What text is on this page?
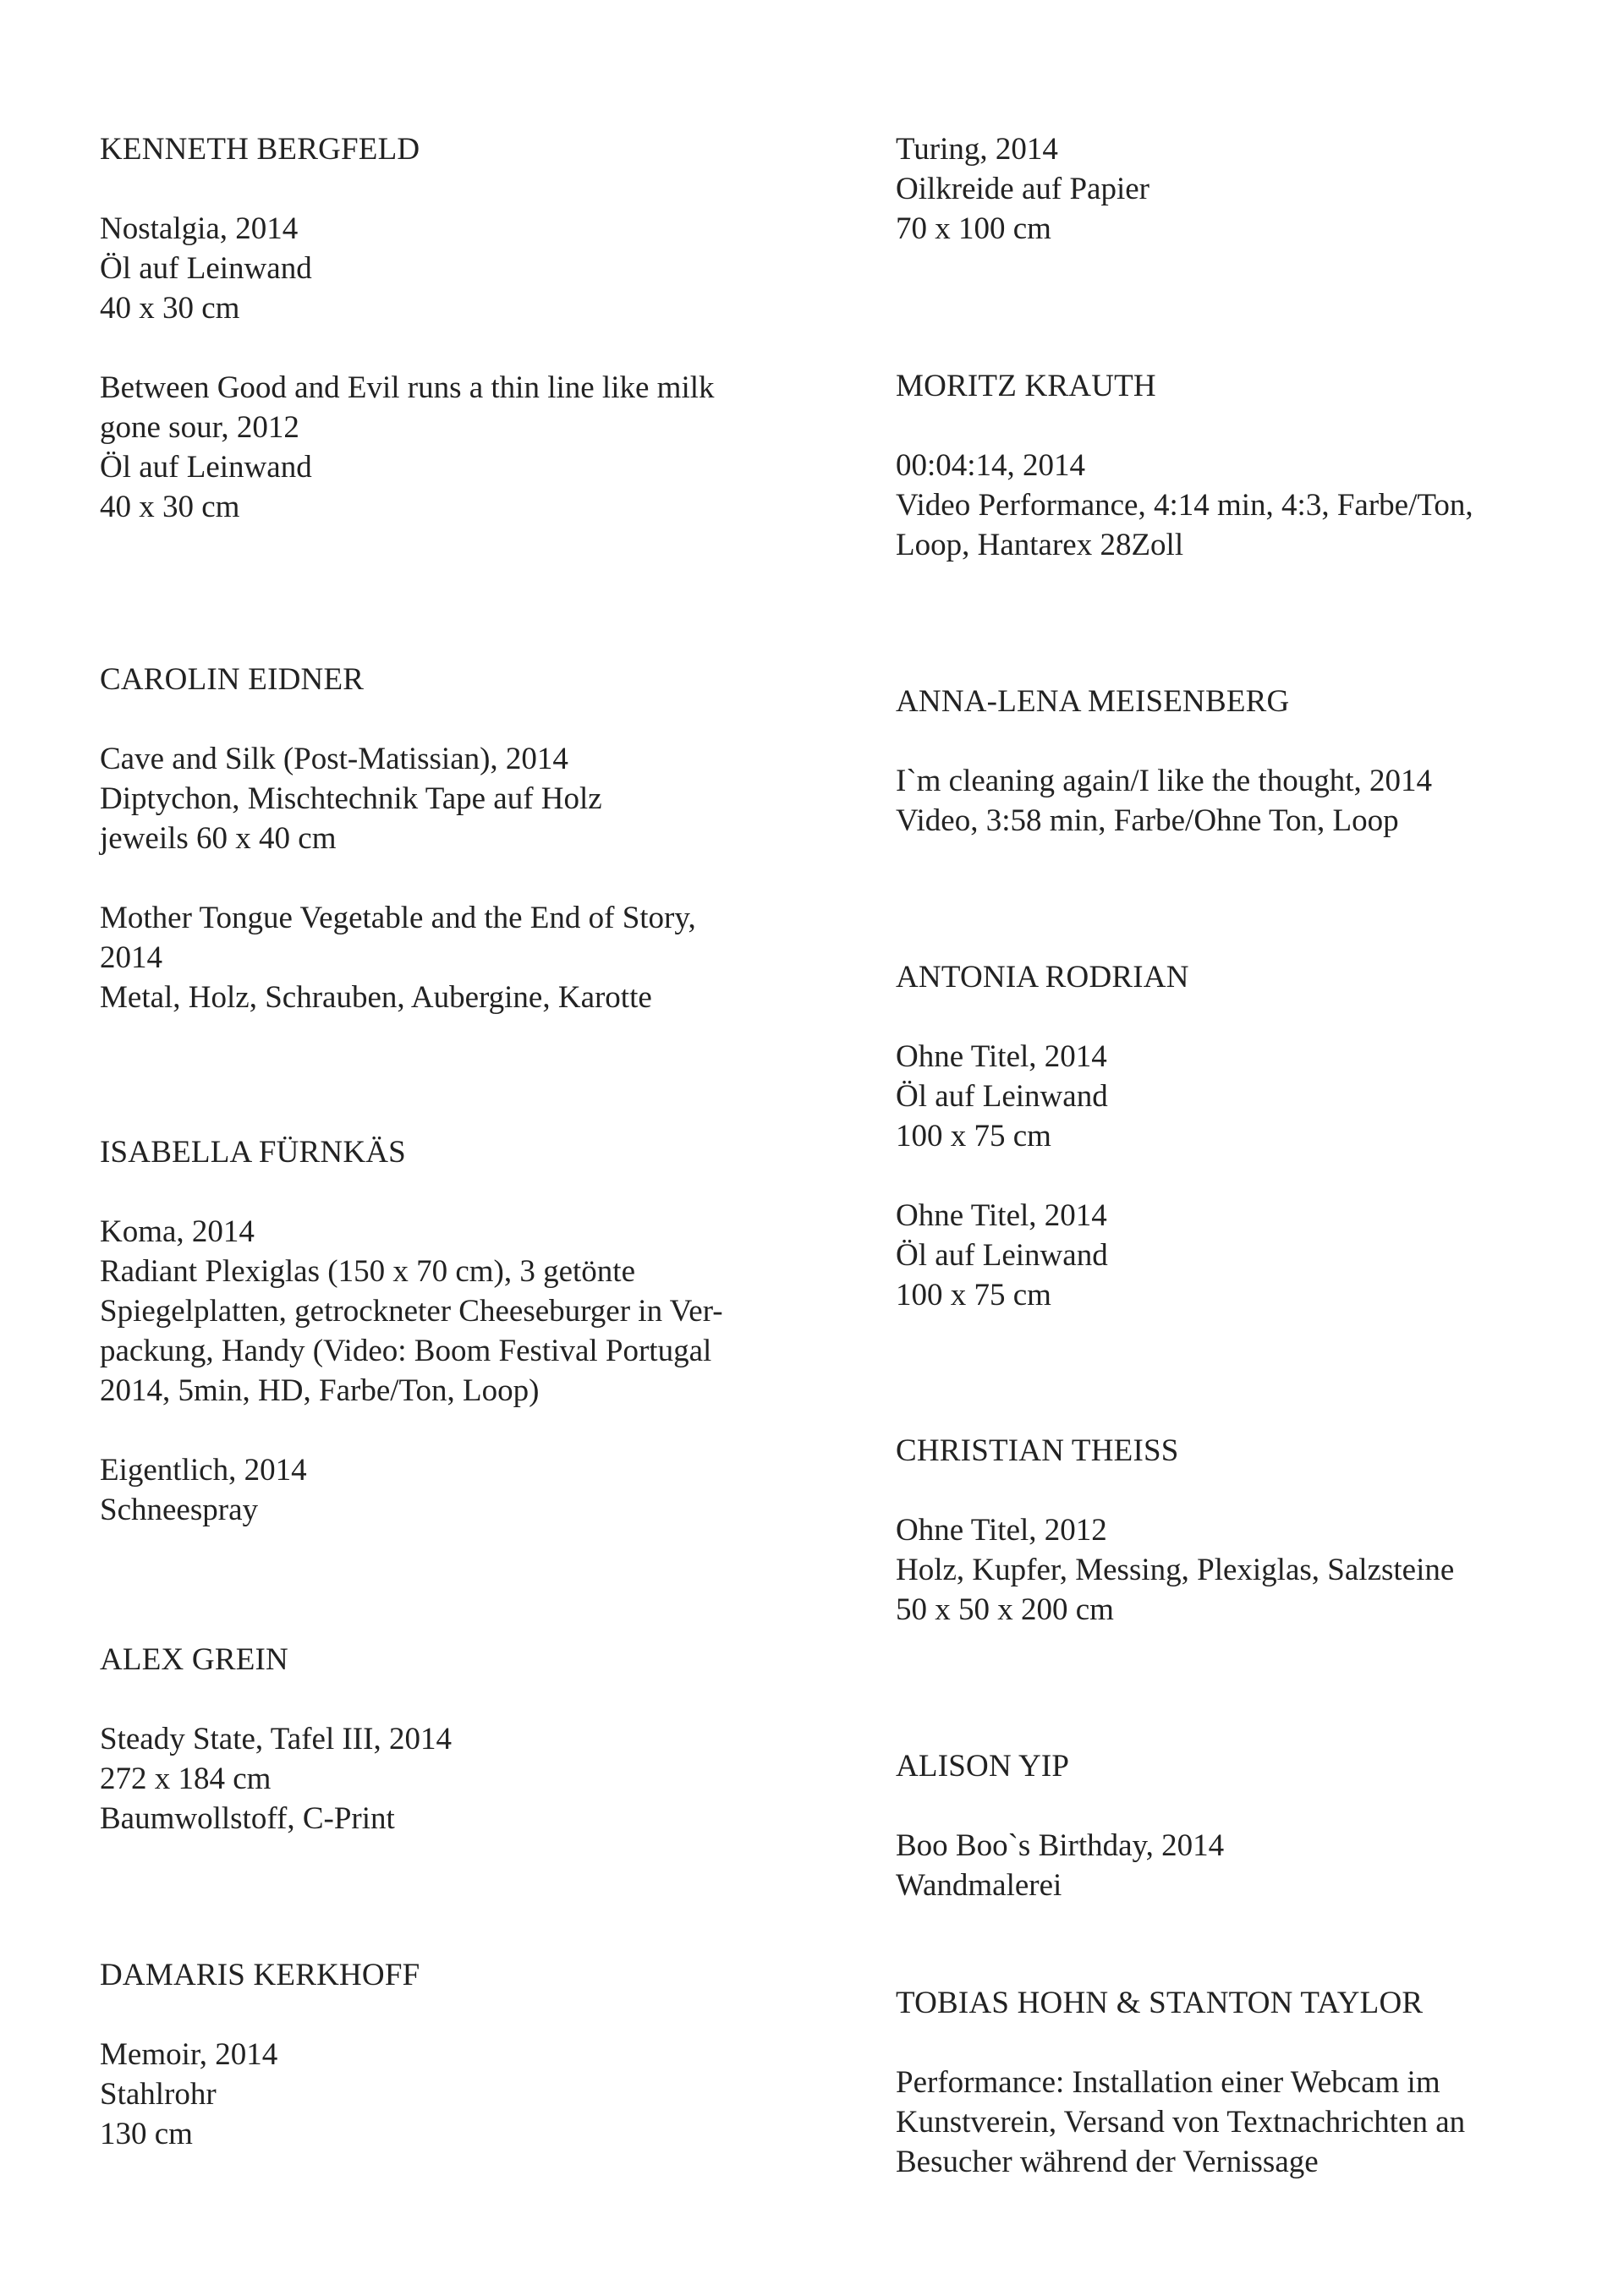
KENNETH BERGFELD
Nostalgia, 2014
Öl auf Leinwand
40 x 30 cm
Between Good and Evil runs a thin line like milk
gone sour, 2012
Öl auf Leinwand
40 x 30 cm
CAROLIN EIDNER
Cave and Silk (Post-Matissian), 2014
Diptychon, Mischtechnik Tape auf Holz
jeweils 60 x 40 cm
Mother Tongue Vegetable and the End of Story,
2014
Metal, Holz, Schrauben, Aubergine, Karotte
ISABELLA FÜRNKÄS
Koma, 2014
Radiant Plexiglas (150 x 70 cm), 3 getönte
Spiegelplatten, getrockneter Cheeseburger in Ver-
packung, Handy (Video: Boom Festival Portugal
2014, 5min, HD, Farbe/Ton, Loop)
Eigentlich, 2014
Schneespray
ALEX GREIN
Steady State, Tafel III, 2014
272 x 184 cm
Baumwollstoff, C-Print
DAMARIS KERKHOFF
Memoir, 2014
Stahlrohr
130 cm
Turing, 2014
Oilkreide auf Papier
70 x 100 cm
MORITZ KRAUTH
00:04:14, 2014
Video Performance, 4:14 min, 4:3, Farbe/Ton,
Loop, Hantarex 28Zoll
ANNA-LENA MEISENBERG
I`m cleaning again/I like the thought, 2014
Video, 3:58 min, Farbe/Ohne Ton, Loop
ANTONIA RODRIAN
Ohne Titel, 2014
Öl auf Leinwand
100 x 75 cm
Ohne Titel, 2014
Öl auf Leinwand
100 x 75 cm
CHRISTIAN THEISS
Ohne Titel, 2012
Holz, Kupfer, Messing, Plexiglas, Salzsteine
50 x 50 x 200 cm
ALISON YIP
Boo Boo`s Birthday, 2014
Wandmalerei
TOBIAS HOHN & STANTON TAYLOR
Performance: Installation einer Webcam im
Kunstverein, Versand von Textnachrichten an
Besucher während der Vernissage
